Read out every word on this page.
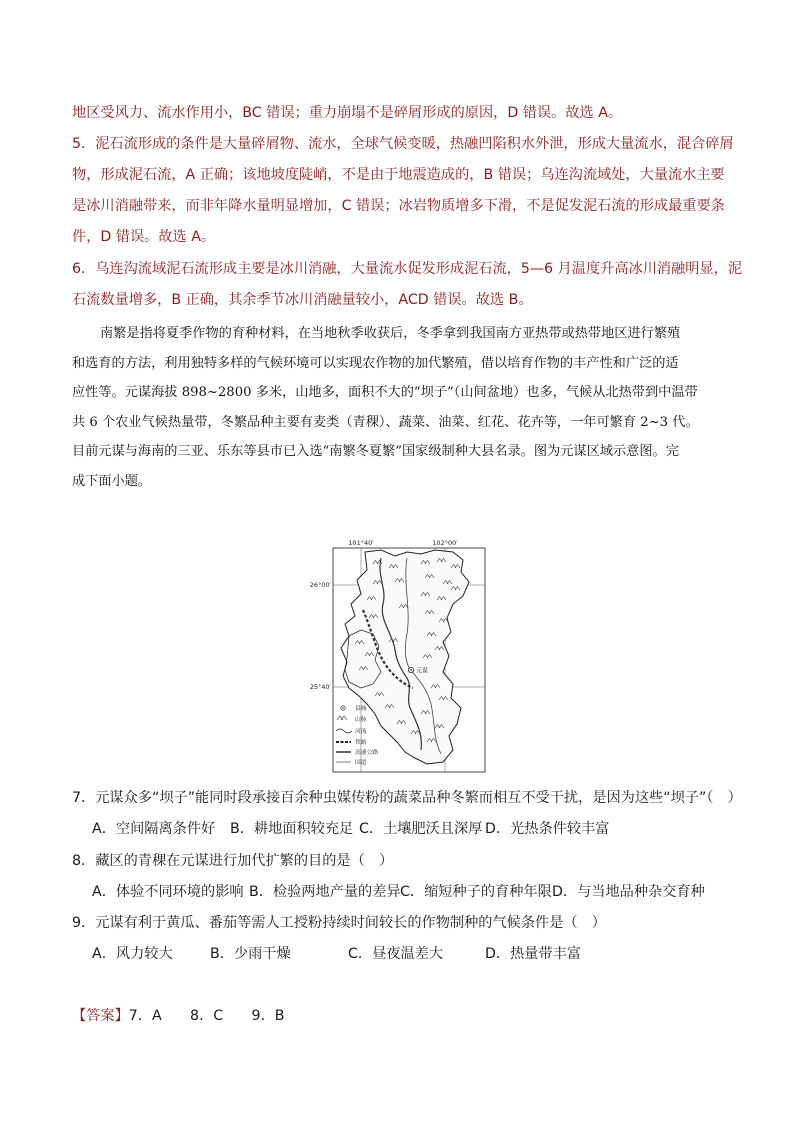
地区受风力、流水作用小，BC 错误；重力崩塌不是碎屑形成的原因，D 错误。故选 A。
5．泥石流形成的条件是大量碎屑物、流水，全球气候变暖，热融凹陷积水外泄，形成大量流水，混合碎屑
物，形成泥石流，A 正确；该地坡度陡峭，不是由于地震造成的，B 错误；乌连沟流域处，大量流水主要
是冰川消融带来，而非年降水量明显增加，C 错误；冰岩物质增多下滑，不是促发泥石流的形成最重要条
件，D 错误。故选 A。
6．乌连沟流域泥石流形成主要是冰川消融，大量流水促发形成泥石流，5—6 月温度升高冰川消融明显，泥
石流数量增多，B 正确，其余季节冰川消融量较小，ACD 错误。故选 B。
南繁是指将夏季作物的育种材料，在当地秋季收获后，冬季拿到我国南方亚热带或热带地区进行繁殖
和选育的方法，利用独特多样的气候环境可以实现农作物的加代繁殖，借以培育作物的丰产性和广泛的适
应性等。元谋海拔 898~2800 多米，山地多，面积不大的“坝子”（山间盆地）也多，气候从北热带到中温带
共 6 个农业气候热量带，冬繁品种主要有麦类（青稞）、蔬菜、油菜、红花、花卉等，一年可繁育 2~3 代。
目前元谋与海南的三亚、乐东等县市已入选“南繁冬夏繁”国家级制种大县名录。图为元谋区域示意图。完
成下面小题。
101°40′	102°00′
26°00′
25°40′
元谋
县城
山脉
河流
铁路
高速公路
国道
7．元谋众多“坝子”能同时段承接百余种虫媒传粉的蔬菜品种冬繁而相互不受干扰，是因为这些“坝子”（　）
A．空间隔离条件好 B．耕地面积较充足 C．土壤肥沃且深厚 D．光热条件较丰富
8．藏区的青稞在元谋进行加代扩繁的目的是（　）
A．体验不同环境的影响 B．检验两地产量的差异 C．缩短种子的育种年限 D．与当地品种杂交育种
9．元谋有利于黄瓜、番茄等需人工授粉持续时间较长的作物制种的气候条件是（　）
A．风力较大	B．少雨干燥	C．昼夜温差大	D．热量带丰富
【答案】7．A　　8．C　　9．B
